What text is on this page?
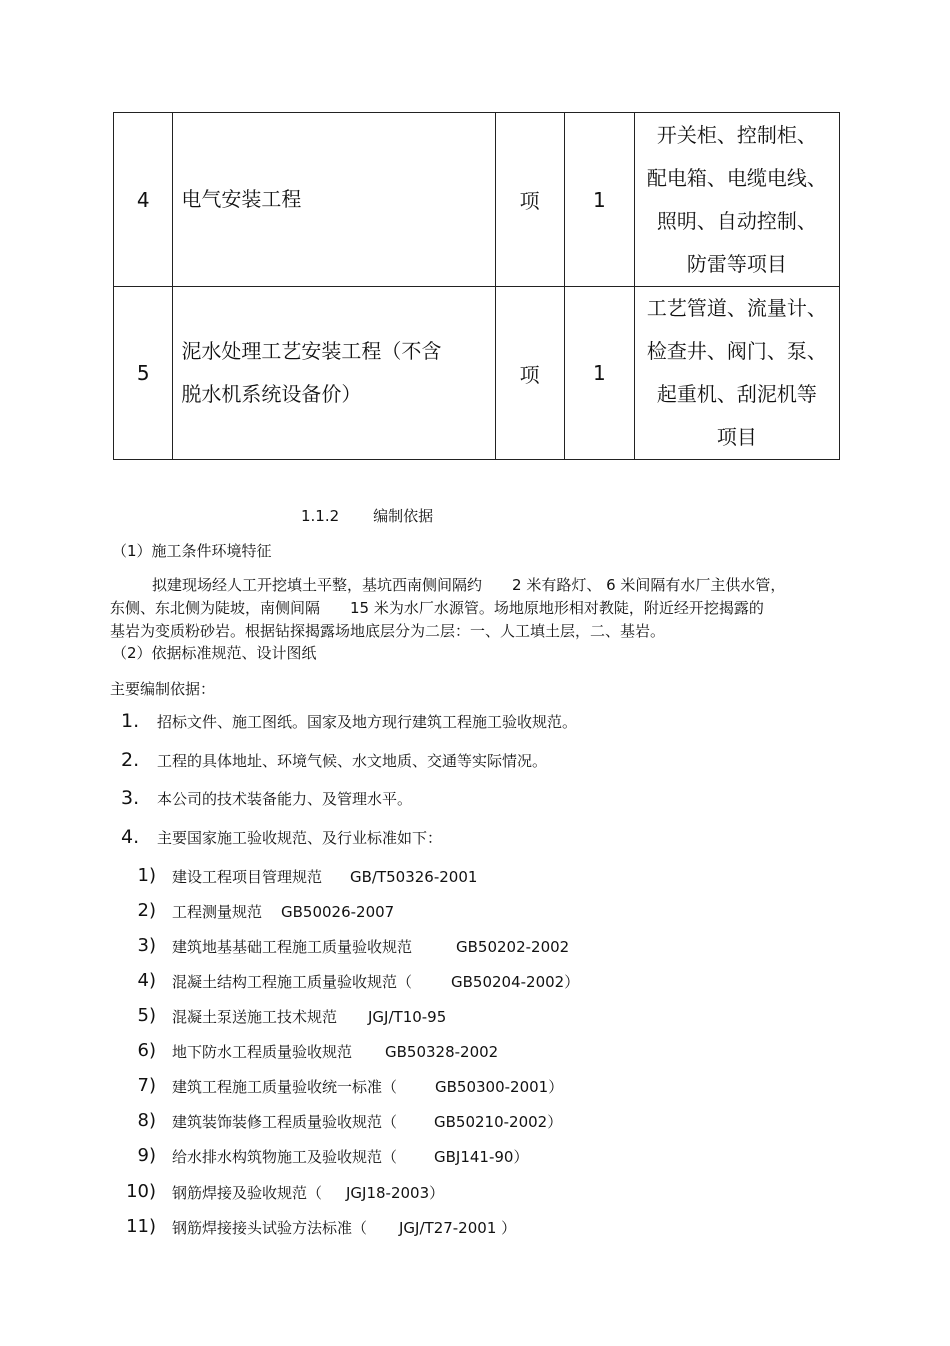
4	电气安装工程	项	1	开关柜、控制柜、
配电箱、电缆电线、
照明、自动控制、
防雷等项目

5	泥水处理工艺安装工程（不含
脱水机系统设备价）	项	1	工艺管道、流量计、
检查井、阀门、泵、
起重机、刮泥机等
项目
1.1.2 编制依据
（1）施工条件环境特征
拟建现场经人工开挖填土平整，基坑西南侧间隔约　　2 米有路灯、 6 米间隔有水厂主供水管，
东侧、东北侧为陡坡，南侧间隔　　15 米为水厂水源管。场地原地形相对教陡，附近经开挖揭露的
基岩为变质粉砂岩。根据钻探揭露场地底层分为二层：一、人工填土层，二、基岩。
（2）依据标准规范、设计图纸
主要编制依据：
1. 招标文件、施工图纸。国家及地方现行建筑工程施工验收规范。
2. 工程的具体地址、环境气候、水文地质、交通等实际情况。
3. 本公司的技术装备能力、及管理水平。
4. 主要国家施工验收规范、及行业标准如下：
1) 建设工程项目管理规范 GB/T50326-2001
2) 工程测量规范 GB50026-2007
3) 建筑地基基础工程施工质量验收规范	GB50202-2002
4) 混凝土结构工程施工质量验收规范（	GB50204-2002）
5) 混凝土泵送施工技术规范 JGJ/T10-95
6) 地下防水工程质量验收规范 GB50328-2002
7) 建筑工程施工质量验收统一标准（	GB50300-2001）
8) 建筑装饰装修工程质量验收规范（ GB50210-2002）
9) 给水排水构筑物施工及验收规范（ GBJ141-90）
10) 钢筋焊接及验收规范（ JGJ18-2003）
11) 钢筋焊接接头试验方法标准（ JGJ/T27-2001 ）
